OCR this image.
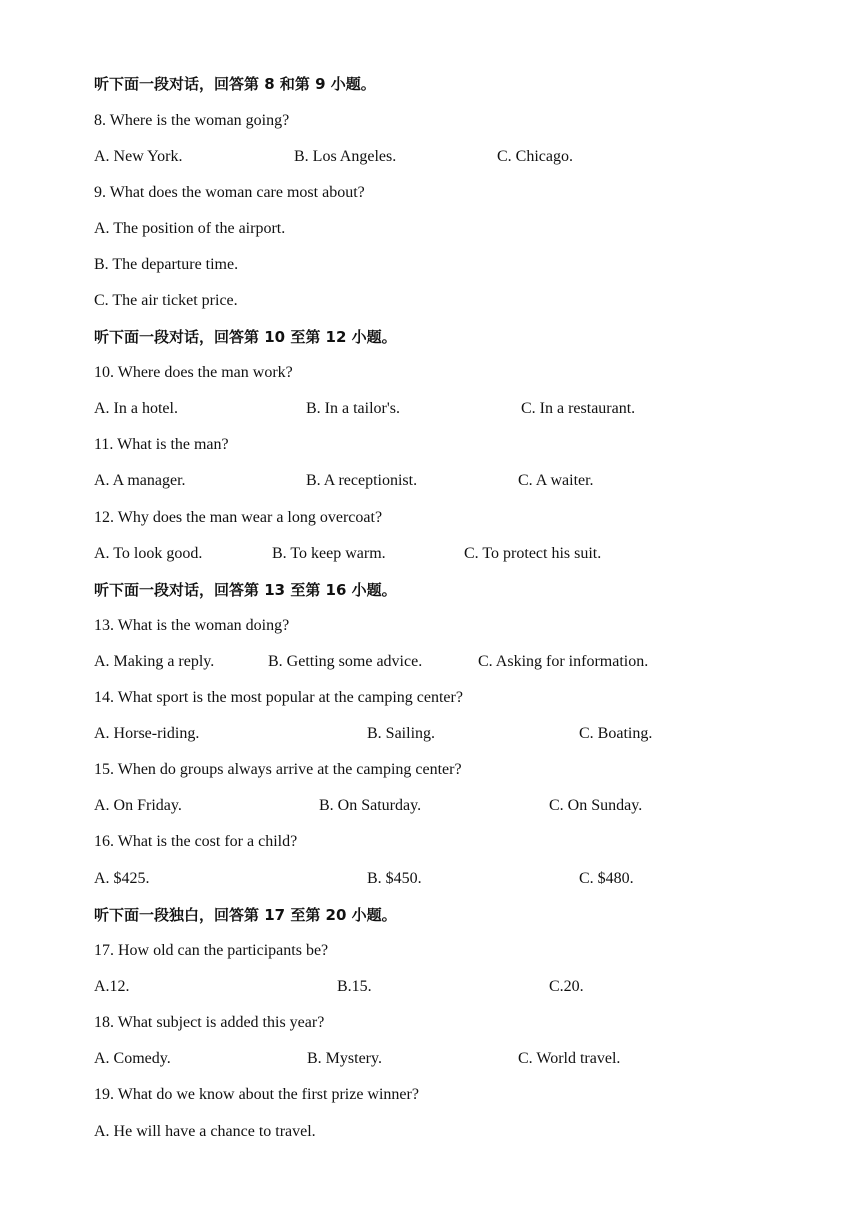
听下面一段对话，回答第 8 和第 9 小题。
8. Where is the woman going?
A. New York.	B. Los Angeles.	C. Chicago.
9. What does the woman care most about?
A. The position of the airport.
B. The departure time.
C. The air ticket price.
听下面一段对话，回答第 10 至第 12 小题。
10. Where does the man work?
A. In a hotel.	B. In a tailor's.	C. In a restaurant.
11. What is the man?
A. A manager.	B. A receptionist.	C. A waiter.
12. Why does the man wear a long overcoat?
A. To look good.	B. To keep warm.	C. To protect his suit.
听下面一段对话，回答第 13 至第 16 小题。
13. What is the woman doing?
A. Making a reply.	B. Getting some advice.	C. Asking for information.
14. What sport is the most popular at the camping center?
A. Horse-riding.	B. Sailing.	C. Boating.
15. When do groups always arrive at the camping center?
A. On Friday.	B. On Saturday.	C. On Sunday.
16. What is the cost for a child?
A. $425.	B. $450.	C. $480.
听下面一段独白，回答第 17 至第 20 小题。
17. How old can the participants be?
A.12.	B.15.	C.20.
18. What subject is added this year?
A. Comedy.	B. Mystery.	C. World travel.
19. What do we know about the first prize winner?
A. He will have a chance to travel.
